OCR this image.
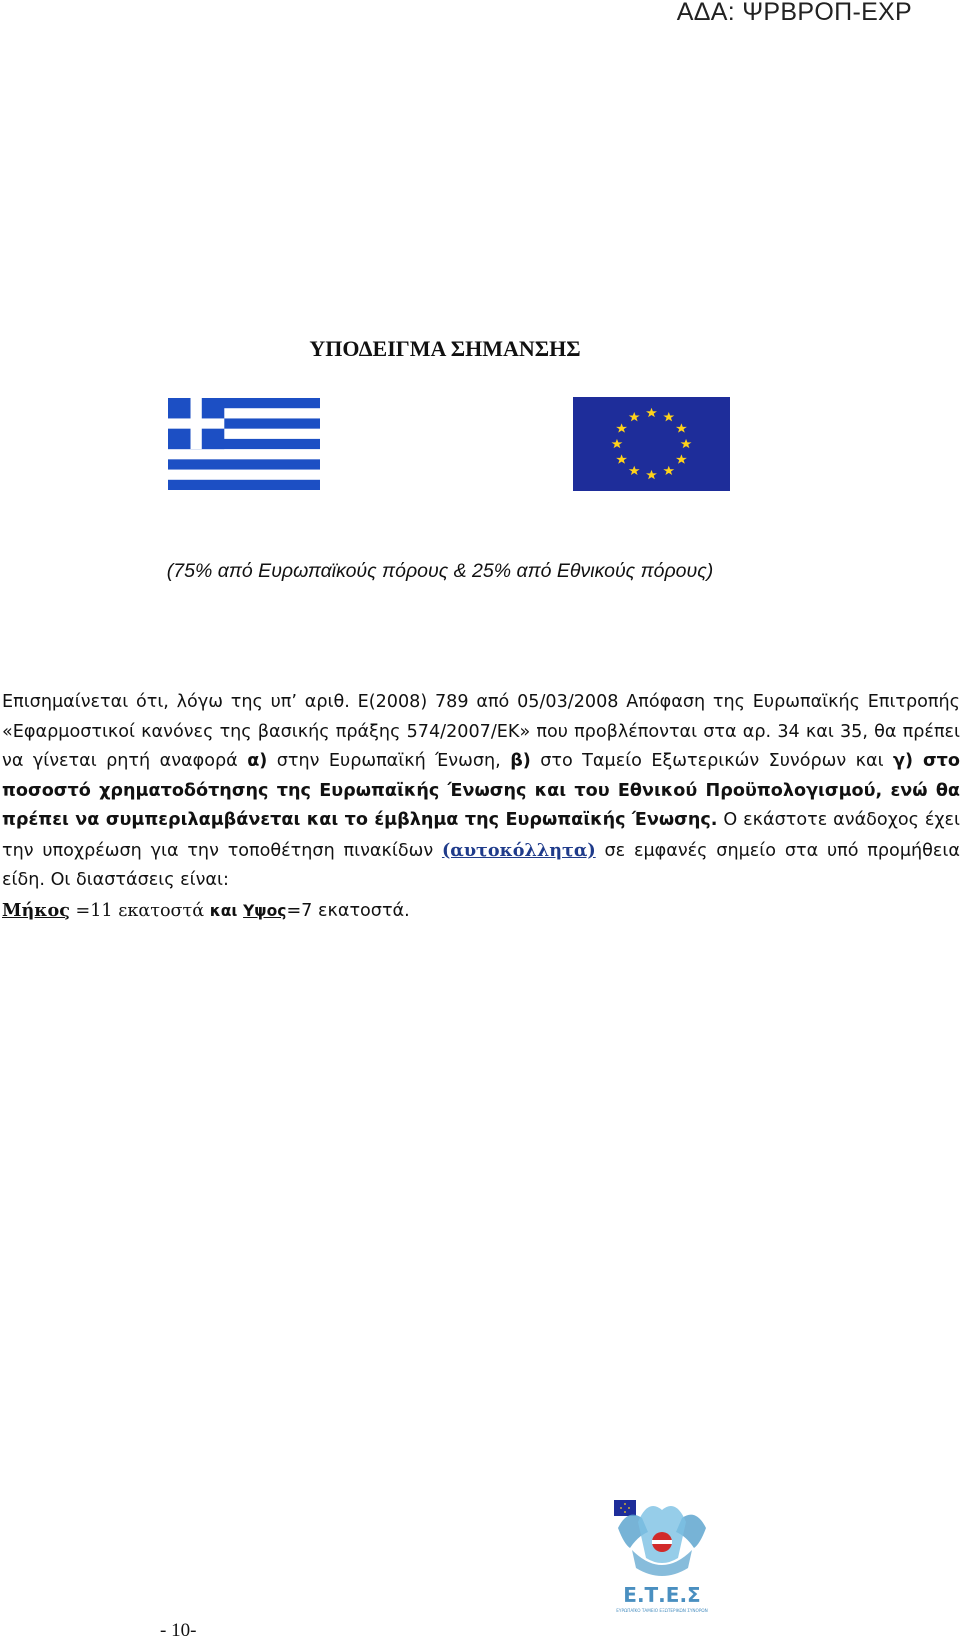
ΑΔΑ: ΨΡΒΡΟΠ-ΕΧΡ
ΥΠΟΔΕΙΓΜΑ ΣΗΜΑΝΣΗΣ
(75% από Ευρωπαϊκούς πόρους & 25% από Εθνικούς πόρους)

Επισημαίνεται ότι, λόγω της υπ’ αριθ. Ε(2008) 789 από 05/03/2008 Απόφαση της Ευρωπαϊκής Επιτροπής «Εφαρμοστικοί κανόνες της βασικής πράξης 574/2007/ΕΚ» που προβλέπονται στα αρ. 34 και 35, θα πρέπει να γίνεται ρητή αναφορά α) στην Ευρωπαϊκή Ένωση, β) στο Ταμείο Εξωτερικών Συνόρων και γ) στο ποσοστό χρηματοδότησης της Ευρωπαϊκής Ένωσης και του Εθνικού Προϋπολογισμού, ενώ θα πρέπει να συμπεριλαμβάνεται και το έμβλημα της Ευρωπαϊκής Ένωσης. Ο εκάστοτε ανάδοχος έχει την υποχρέωση για την τοποθέτηση πινακίδων (αυτοκόλλητα) σε εμφανές σημείο στα υπό προμήθεια είδη. Οι διαστάσεις είναι:
Μήκος =11 εκατοστά και Υψος=7 εκατοστά.

Ε.Τ.Ε.Σ
ΕΥΡΩΠΑΪΚΟ ΤΑΜΕΙΟ ΕΞΩΤΕΡΙΚΩΝ ΣΥΝΟΡΩΝ
- 10-
